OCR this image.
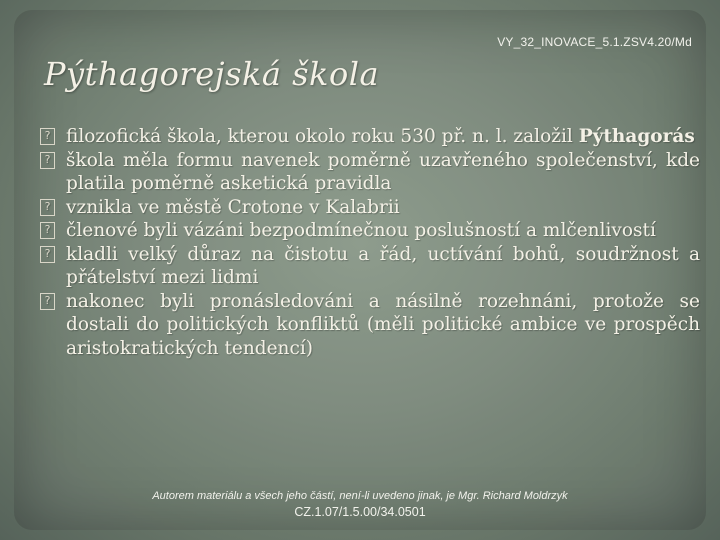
VY_32_INOVACE_5.1.ZSV4.20/Md
Pýthagorejská škola
? filozofická škola, kterou okolo roku 530 př. n. l. založil Pýthagorás
? škola měla formu navenek poměrně uzavřeného společenství, kde platila poměrně asketická pravidla
? vznikla ve městě Crotone v Kalabrii
? členové byli vázáni bezpodmínečnou poslušností a mlčenlivostí
? kladli velký důraz na čistotu a řád, uctívání bohů, soudržnost a přátelství mezi lidmi
? nakonec byli pronásledováni a násilně rozehnáni, protože se dostali do politických konfliktů (měli politické ambice ve prospěch aristokratických tendencí)
Autorem materiálu a všech jeho částí, není-li uvedeno jinak, je Mgr. Richard Moldrzyk
CZ.1.07/1.5.00/34.0501
